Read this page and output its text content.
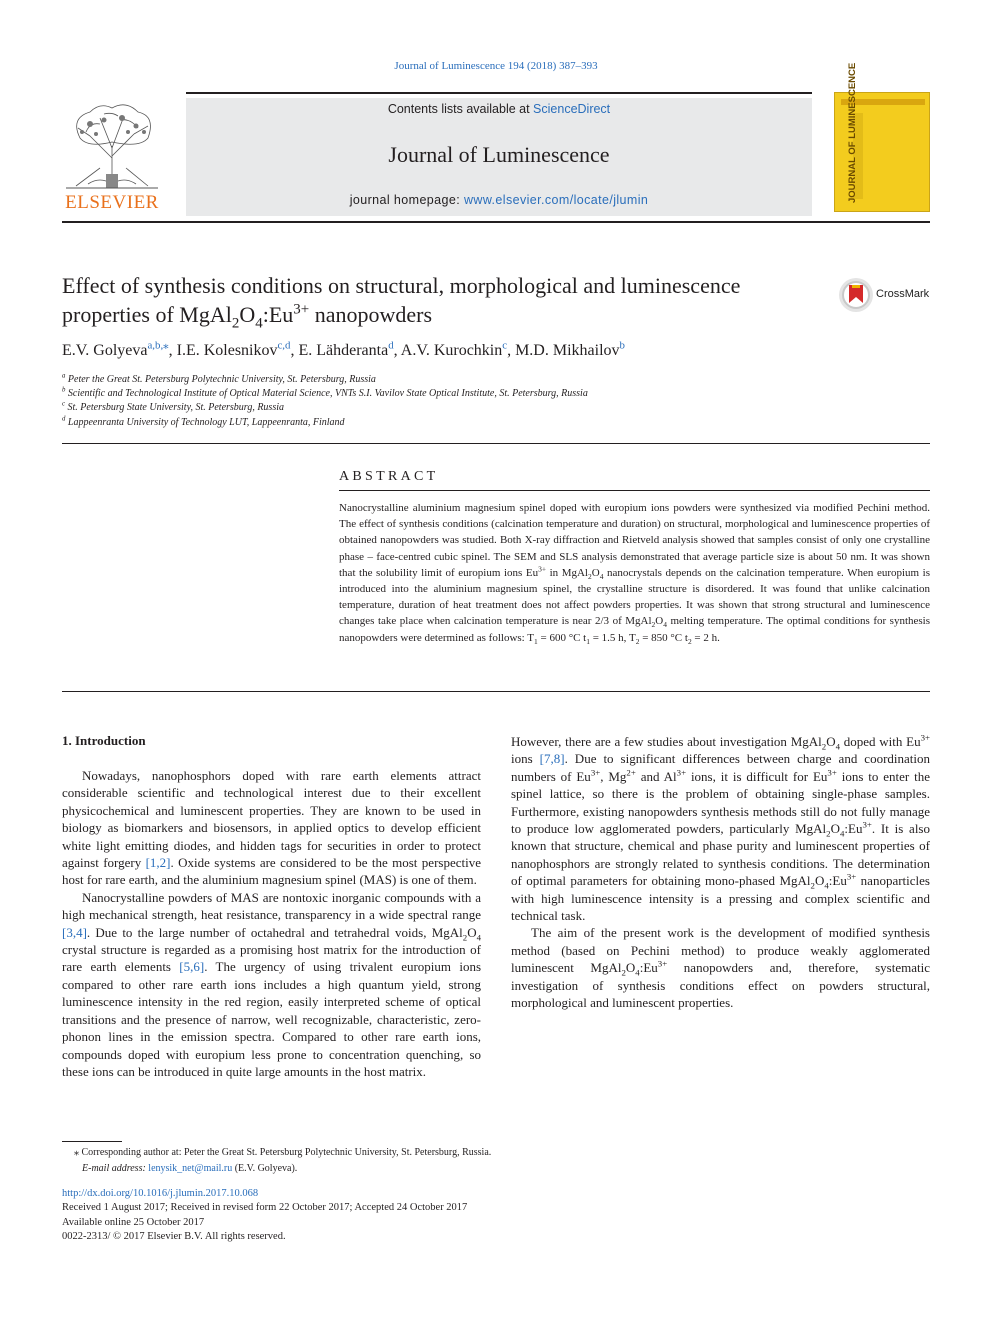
Journal of Luminescence 194 (2018) 387–393
ELSEVIER
Contents lists available at ScienceDirect
Journal of Luminescence
journal homepage: www.elsevier.com/locate/jlumin	JOURNAL OF LUMINESCENCE
Effect of synthesis conditions on structural, morphological and luminescence
properties of $MgAl_2O_4:Eu^{3+}$ nanopowders
CrossMark
E.V. Golyeva$^{a,b,⁎}$, I.E. Kolesnikov$^{c,d}$, E. Lähderanta$^d$, A.V. Kurochkin$^c$, M.D. Mikhailov$^b$
$^a$ Peter the Great St. Petersburg Polytechnic University, St. Petersburg, Russia
$^b$ Scientific and Technological Institute of Optical Material Science, VNTs S.I. Vavilov State Optical Institute, St. Petersburg, Russia
$^c$ St. Petersburg State University, St. Petersburg, Russia
$^d$ Lappeenranta University of Technology LUT, Lappeenranta, Finland
ABSTRACT
Nanocrystalline aluminium magnesium spinel doped with europium ions powders were synthesized via modified Pechini method. The effect of synthesis conditions (calcination temperature and duration) on structural, morphological and luminescence properties of obtained nanopowders was studied. Both X-ray diffraction and Rietveld analysis showed that samples consist of only one crystalline phase – face-centred cubic spinel. The SEM and SLS analysis demonstrated that average particle size is about 50 nm. It was shown that the solubility limit of europium ions $Eu^{3+}$ in $MgAl_2O_4$ nanocrystals depends on the calcination temperature. When europium is introduced into the aluminium magnesium spinel, the crystalline structure is disordered. It was found that unlike calcination temperature, duration of heat treatment does not affect powders properties. It was shown that strong structural and luminescence changes take place when calcination temperature is near 2/3 of $MgAl_2O_4$ melting temperature. The optimal conditions for synthesis nanopowders were determined as follows: $T_1 = 600$ °C $t_1 = 1.5$ h, $T_2 = 850$ °C $t_2 = 2$ h.
1. Introduction

Nowadays, nanophosphors doped with rare earth elements attract considerable scientific and technological interest due to their excellent physicochemical and luminescent properties. They are known to be used in biology as biomarkers and biosensors, in applied optics to develop efficient white light emitting diodes, and hidden tags for securities in order to protect against forgery [1,2]. Oxide systems are considered to be the most perspective host for rare earth, and the aluminium magnesium spinel (MAS) is one of them.

Nanocrystalline powders of MAS are nontoxic inorganic compounds with a high mechanical strength, heat resistance, transparency in a wide spectral range [3,4]. Due to the large number of octahedral and tetrahedral voids, $MgAl_2O_4$ crystal structure is regarded as a promising host matrix for the introduction of rare earth elements [5,6]. The urgency of using trivalent europium ions compared to other rare earth ions includes a high quantum yield, strong luminescence intensity in the red region, easily interpreted scheme of optical transitions and the presence of narrow, well recognizable, characteristic, zero-phonon lines in the emission spectra. Compared to other rare earth ions, compounds doped with europium less prone to concentration quenching, so these ions can be introduced in quite large amounts in the host matrix.

However, there are a few studies about investigation $MgAl_2O_4$ doped with $Eu^{3+}$ ions [7,8]. Due to significant differences between charge and coordination numbers of $Eu^{3+}$, $Mg^{2+}$ and $Al^{3+}$ ions, it is difficult for $Eu^{3+}$ ions to enter the spinel lattice, so there is the problem of obtaining single-phase samples. Furthermore, existing nanopowders synthesis methods still do not fully manage to produce low agglomerated powders, particularly $MgAl_2O_4:Eu^{3+}$. It is also known that structure, chemical and phase purity and luminescent properties of nanophosphors are strongly related to synthesis conditions. The determination of optimal parameters for obtaining mono-phased $MgAl_2O_4:Eu^{3+}$ nanoparticles with high luminescence intensity is a pressing and complex scientific and technical task.

The aim of the present work is the development of modified synthesis method (based on Pechini method) to produce weakly agglomerated luminescent $MgAl_2O_4:Eu^{3+}$ nanopowders and, therefore, systematic investigation of synthesis conditions effect on powders structural, morphological and luminescent properties.

⁎ Corresponding author at: Peter the Great St. Petersburg Polytechnic University, St. Petersburg, Russia.
E-mail address: lenysik_net@mail.ru (E.V. Golyeva).
http://dx.doi.org/10.1016/j.jlumin.2017.10.068
Received 1 August 2017; Received in revised form 22 October 2017; Accepted 24 October 2017
Available online 25 October 2017
0022-2313/ © 2017 Elsevier B.V. All rights reserved.
